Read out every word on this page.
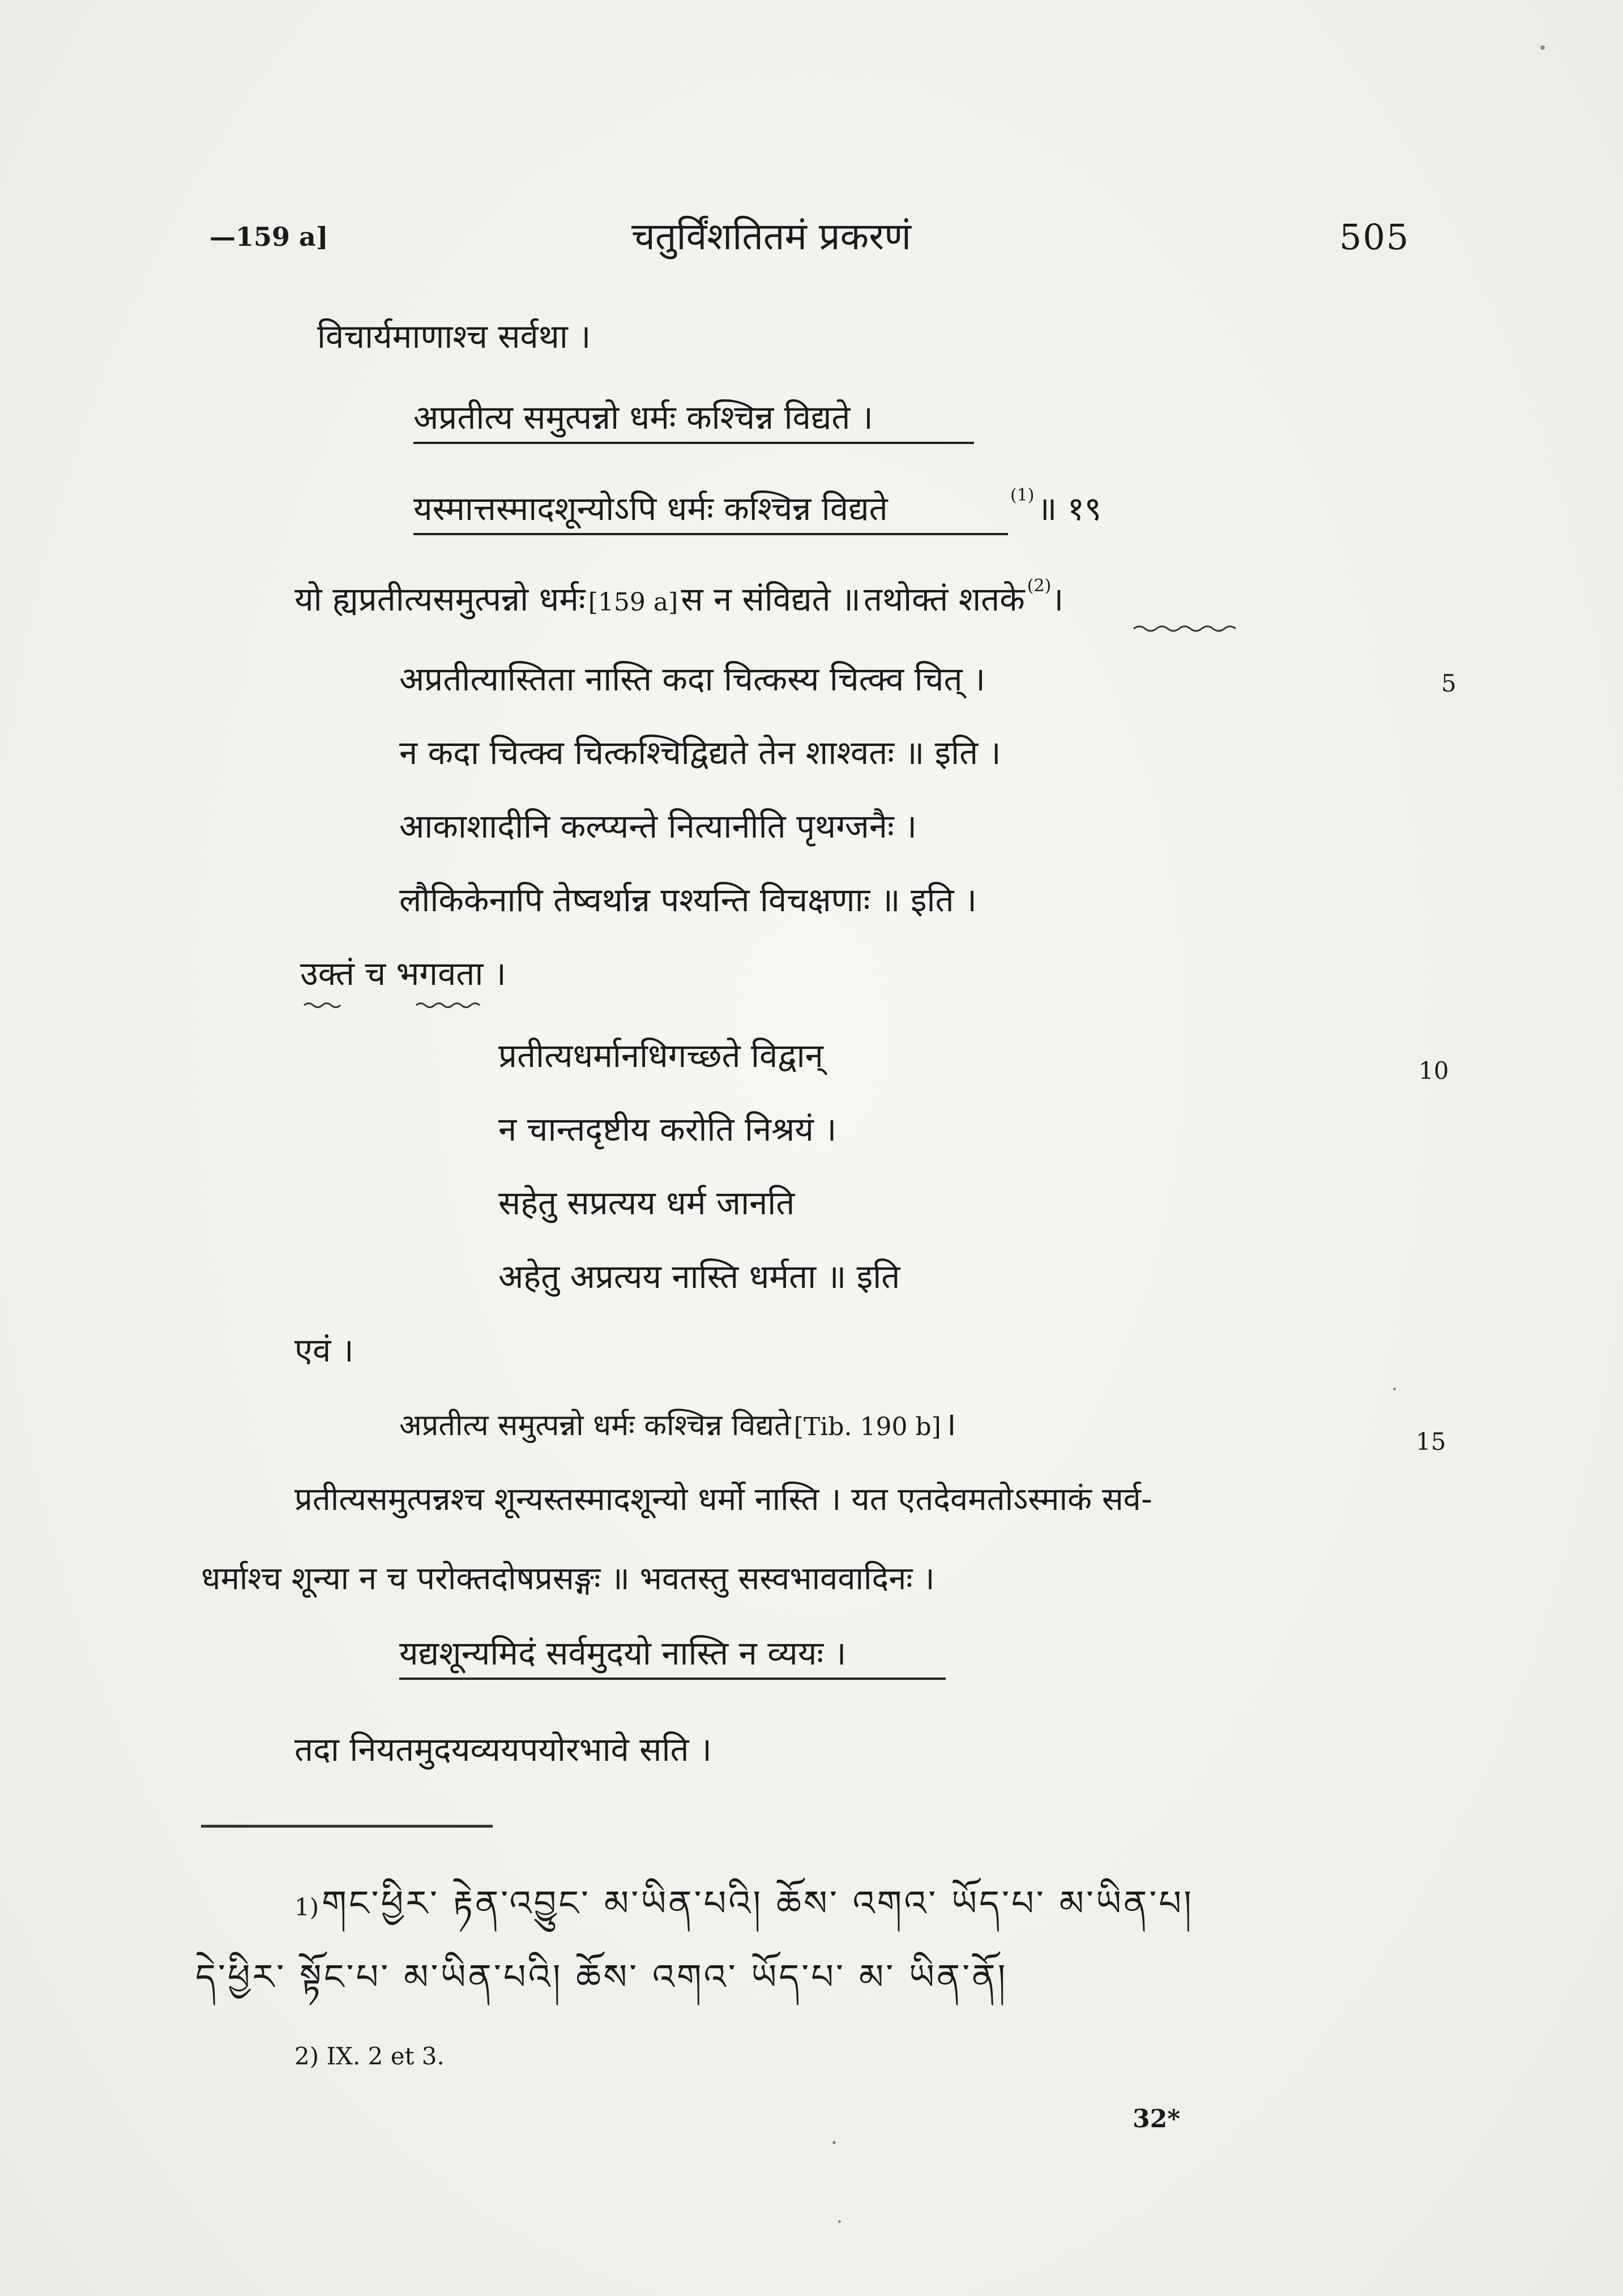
—159 a]	चतुर्विंशतितमं प्रकरणं	505
विचार्यमाणाश्च सर्वथा ।
अप्रतीत्य समुत्पन्नो धर्मः कश्चिन्न विद्यते ।
यस्मात्तस्मादशून्योऽपि धर्मः कश्चिन्न विद्यते	(1) ॥ १९
यो ह्यप्रतीत्यसमुत्पन्नो धर्मः [159 a] स न संविद्यते ॥ तथोक्तं शतके (2)।
अप्रतीत्यास्तिता नास्ति कदा चित्कस्य चित्क्व चित् ।	5
न कदा चित्क्व चित्कश्चिद्विद्यते तेन शाश्वतः ॥ इति ।
आकाशादीनि कल्प्यन्ते नित्यानीति पृथग्जनैः ।
लौकिकेनापि तेष्वर्थान्न पश्यन्ति विचक्षणाः ॥ इति ।
उक्तं च भगवता ।
प्रतीत्यधर्मानधिगच्छते विद्वान्	10
न चान्तदृष्टीय करोति निश्रयं ।
सहेतु सप्रत्यय धर्म जानति
अहेतु अप्रत्यय नास्ति धर्मता ॥ इति
एवं ।
अप्रतीत्य समुत्पन्नो धर्मः कश्चिन्न विद्यते [Tib. 190 b] ।	15
प्रतीत्यसमुत्पन्नश्च शून्यस्तस्मादशून्यो धर्मो नास्ति । यत एतदेवमतोऽस्माकं सर्व-
धर्माश्च शून्या न च परोक्तदोषप्रसङ्गः ॥ भवतस्तु सस्वभाववादिनः ।
यद्यशून्यमिदं सर्वमुदयो नास्ति न व्ययः ।
तदा नियतमुदयव्ययपयोरभावे सति ।
1) གང་ཕྱིར་ རྟེན་འབྱུང་ མ་ཡིན་པའི། ཆོས་ འགའ་ ཡོད་པ་ མ་ཡིན་པ།
དེ་ཕྱིར་ སྟོང་པ་ མ་ཡིན་པའི། ཆོས་ འགའ་ ཡོད་པ་ མ་ ཡིན་ནོ།
2) IX. 2 et 3.
32*
